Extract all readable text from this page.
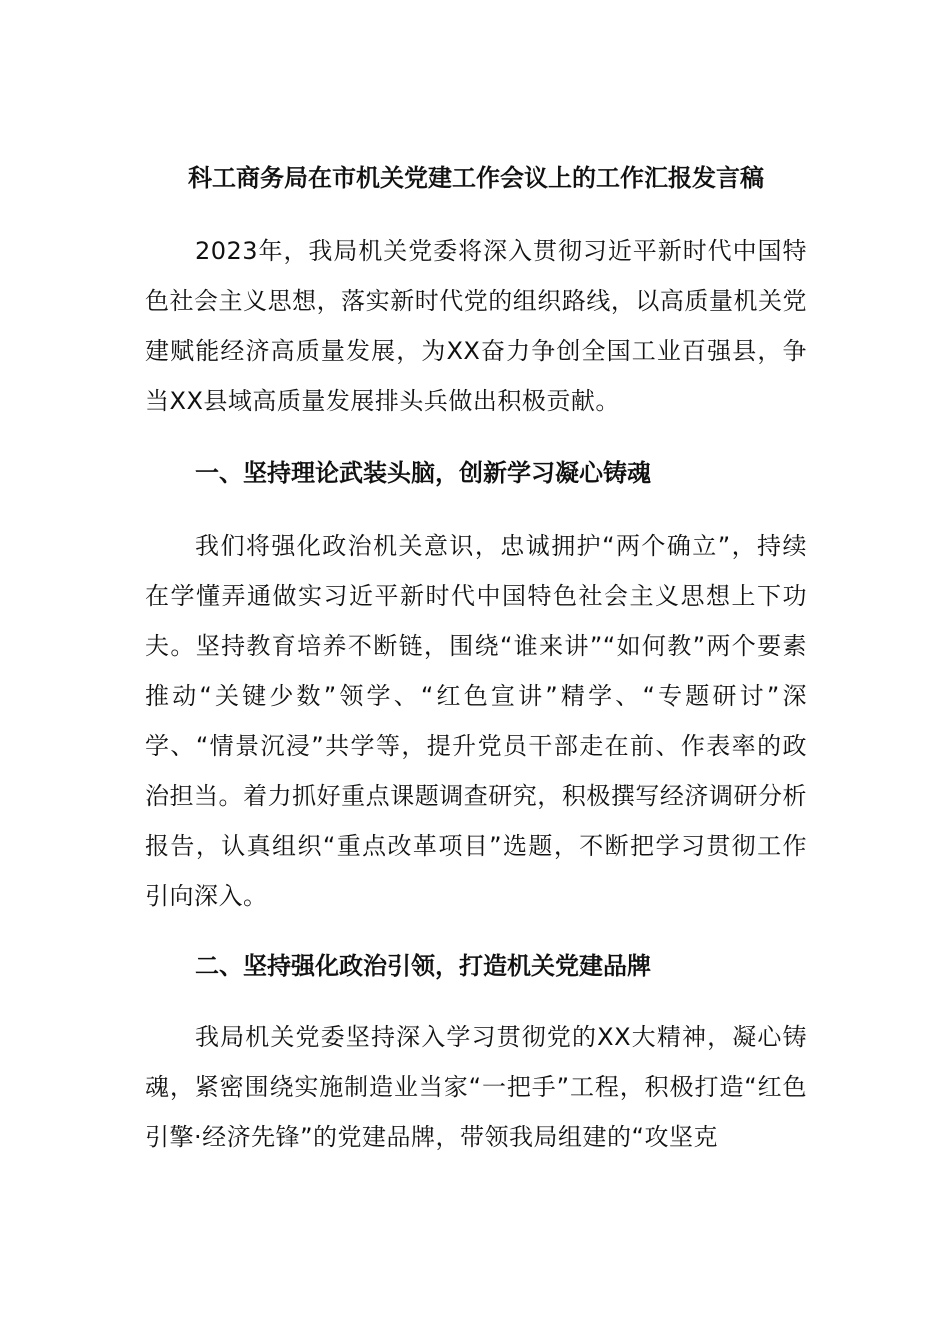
科工商务局在市机关党建工作会议上的工作汇报发言稿

2023年，我局机关党委将深入贯彻习近平新时代中国特色社会主义思想，落实新时代党的组织路线，以高质量机关党建赋能经济高质量发展，为XX奋力争创全国工业百强县，争当XX县域高质量发展排头兵做出积极贡献。

一、坚持理论武装头脑，创新学习凝心铸魂

我们将强化政治机关意识，忠诚拥护“两个确立”，持续在学懂弄通做实习近平新时代中国特色社会主义思想上下功夫。坚持教育培养不断链，围绕“谁来讲”“如何教”两个要素推动“关键少数”领学、“红色宣讲”精学、“专题研讨”深学、“情景沉浸”共学等，提升党员干部走在前、作表率的政治担当。着力抓好重点课题调查研究，积极撰写经济调研分析报告，认真组织“重点改革项目”选题，不断把学习贯彻工作引向深入。

二、坚持强化政治引领，打造机关党建品牌

我局机关党委坚持深入学习贯彻党的XX大精神，凝心铸魂，紧密围绕实施制造业当家“一把手”工程，积极打造“红色引擎·经济先锋”的党建品牌，带领我局组建的“攻坚克
